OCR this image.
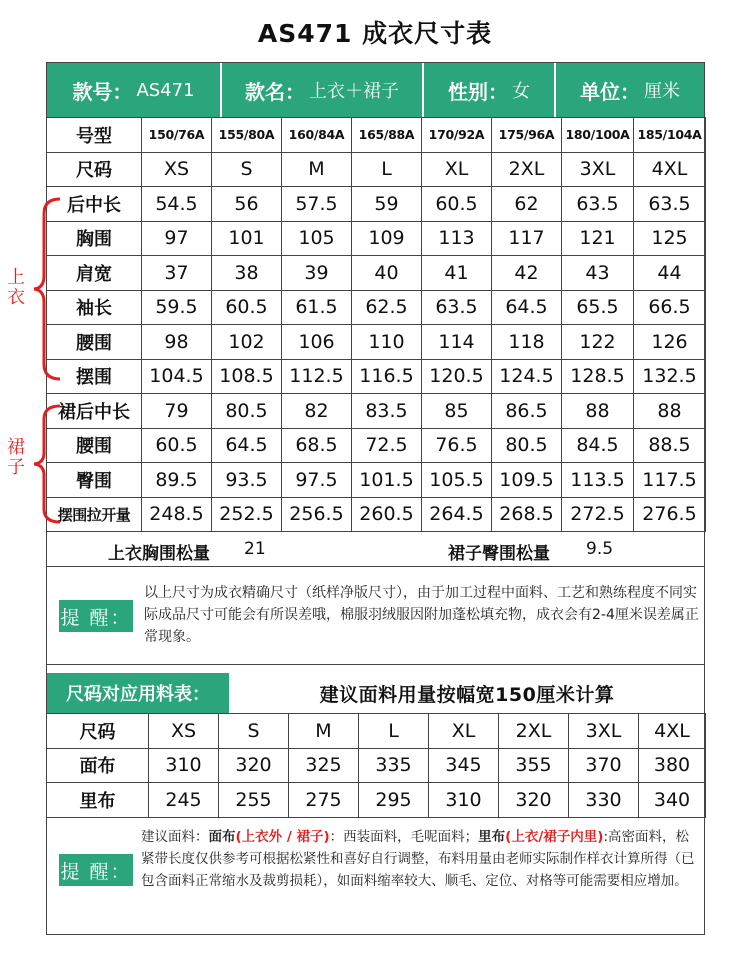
AS471 成衣尺寸表
款号： AS471	款名： 上衣＋裙子 性别： 女	单位： 厘米
号型	150/76A	155/80A	160/84A	165/88A	170/92A	175/96A	180/100A	185/104A
尺码	XS	S	M	L	XL	2XL	3XL	4XL
后中长	54.5	56	57.5	59	60.5	62	63.5	63.5
胸围	97	101	105	109	113	117	121	125
肩宽	37	38	39	40	41	42	43	44
袖长	59.5	60.5	61.5	62.5	63.5	64.5	65.5	66.5
腰围	98	102	106	110	114	118	122	126
摆围	104.5	108.5	112.5	116.5	120.5	124.5	128.5	132.5
裙后中长	79	80.5	82	83.5	85	86.5	88	88
腰围	60.5	64.5	68.5	72.5	76.5	80.5	84.5	88.5
臀围	89.5	93.5	97.5	101.5	105.5	109.5	113.5	117.5
摆围拉开量	248.5	252.5	256.5	260.5	264.5	268.5	272.5	276.5
上衣
裙子
上衣胸围松量 21	裙子臀围松量 9.5
提 醒：
以上尺寸为成衣精确尺寸（纸样净版尺寸），由于加工过程中面料、工艺和熟练程度不同实际成品尺寸可能会有所误差哦，棉服羽绒服因附加蓬松填充物，成衣会有2-4厘米误差属正常现象。
尺码对应用料表：	建议面料用量按幅宽150厘米计算
尺码	XS	S	M	L	XL	2XL	3XL	4XL
面布	310	320	325	335	345	355	370	380
里布	245	255	275	295	310	320	330	340
提 醒：
建议面料：面布(上衣外 / 裙子)：西装面料，毛呢面料；里布(上衣/裙子内里):高密面料，松紧带长度仅供参考可根据松紧性和喜好自行调整，布料用量由老师实际制作样衣计算所得（已包含面料正常缩水及裁剪损耗），如面料缩率较大、顺毛、定位、对格等可能需要相应增加。
